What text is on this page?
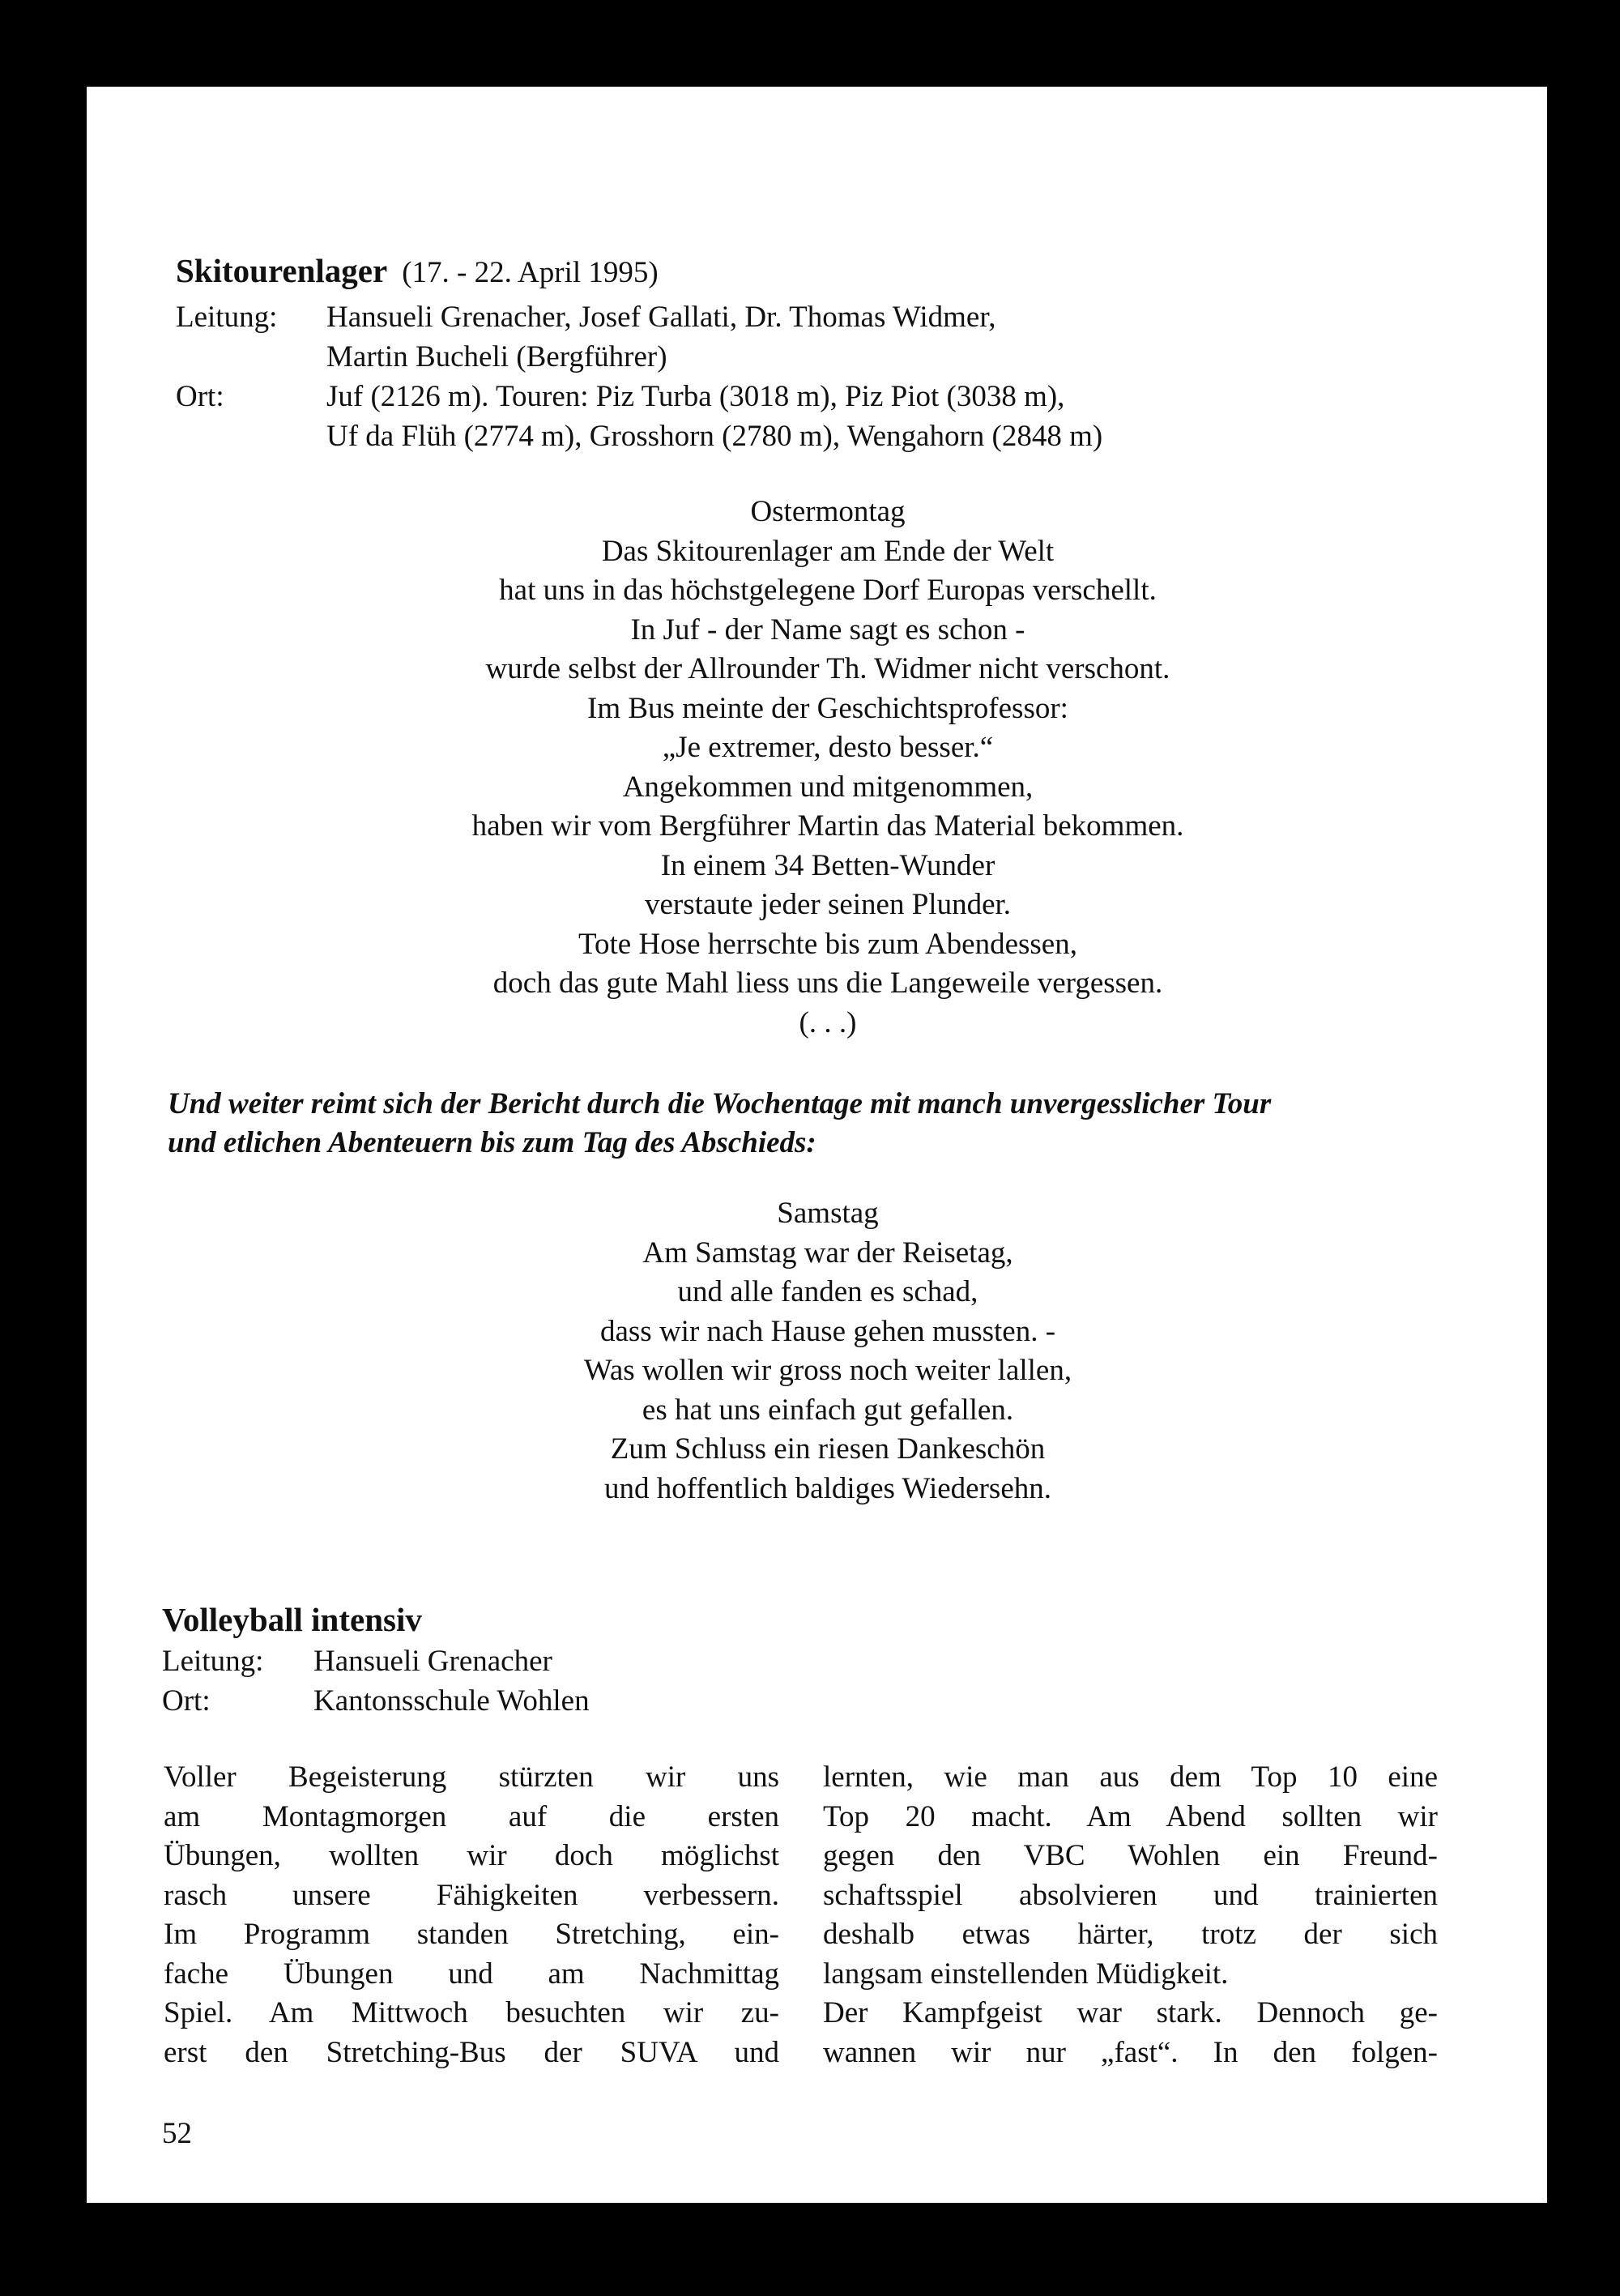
Skitourenlager (17. - 22. April 1995)
Leitung: Hansueli Grenacher, Josef Gallati, Dr. Thomas Widmer,
Martin Bucheli (Bergführer)
Ort:	Juf (2126 m). Touren: Piz Turba (3018 m), Piz Piot (3038 m),
Uf da Flüh (2774 m), Grosshorn (2780 m), Wengahorn (2848 m)
Ostermontag
Das Skitourenlager am Ende der Welt
hat uns in das höchstgelegene Dorf Europas verschellt.
In Juf - der Name sagt es schon -
wurde selbst der Allrounder Th. Widmer nicht verschont.
Im Bus meinte der Geschichtsprofessor:
„Je extremer, desto besser.“
Angekommen und mitgenommen,
haben wir vom Bergführer Martin das Material bekommen.
In einem 34 Betten-Wunder
verstaute jeder seinen Plunder.
Tote Hose herrschte bis zum Abendessen,
doch das gute Mahl liess uns die Langeweile vergessen.
(. . .)
Und weiter reimt sich der Bericht durch die Wochentage mit manch unvergesslicher Tour
und etlichen Abenteuern bis zum Tag des Abschieds:
Samstag
Am Samstag war der Reisetag,
und alle fanden es schad,
dass wir nach Hause gehen mussten. -
Was wollen wir gross noch weiter lallen,
es hat uns einfach gut gefallen.
Zum Schluss ein riesen Dankeschön
und hoffentlich baldiges Wiedersehn.
Volleyball intensiv
Leitung: Hansueli Grenacher
Ort:	Kantonsschule Wohlen
Voller Begeisterung stürzten wir uns
am Montagmorgen auf die ersten
Übungen, wollten wir doch möglichst
rasch unsere Fähigkeiten verbessern.
Im Programm standen Stretching, ein-
fache Übungen und am Nachmittag
Spiel. Am Mittwoch besuchten wir zu-
erst den Stretching-Bus der SUVA und
lernten, wie man aus dem Top 10 eine
Top 20 macht. Am Abend sollten wir
gegen den VBC Wohlen ein Freund-
schaftsspiel absolvieren und trainierten
deshalb etwas härter, trotz der sich
langsam einstellenden Müdigkeit.
Der Kampfgeist war stark. Dennoch ge-
wannen wir nur „fast“. In den folgen-
52
